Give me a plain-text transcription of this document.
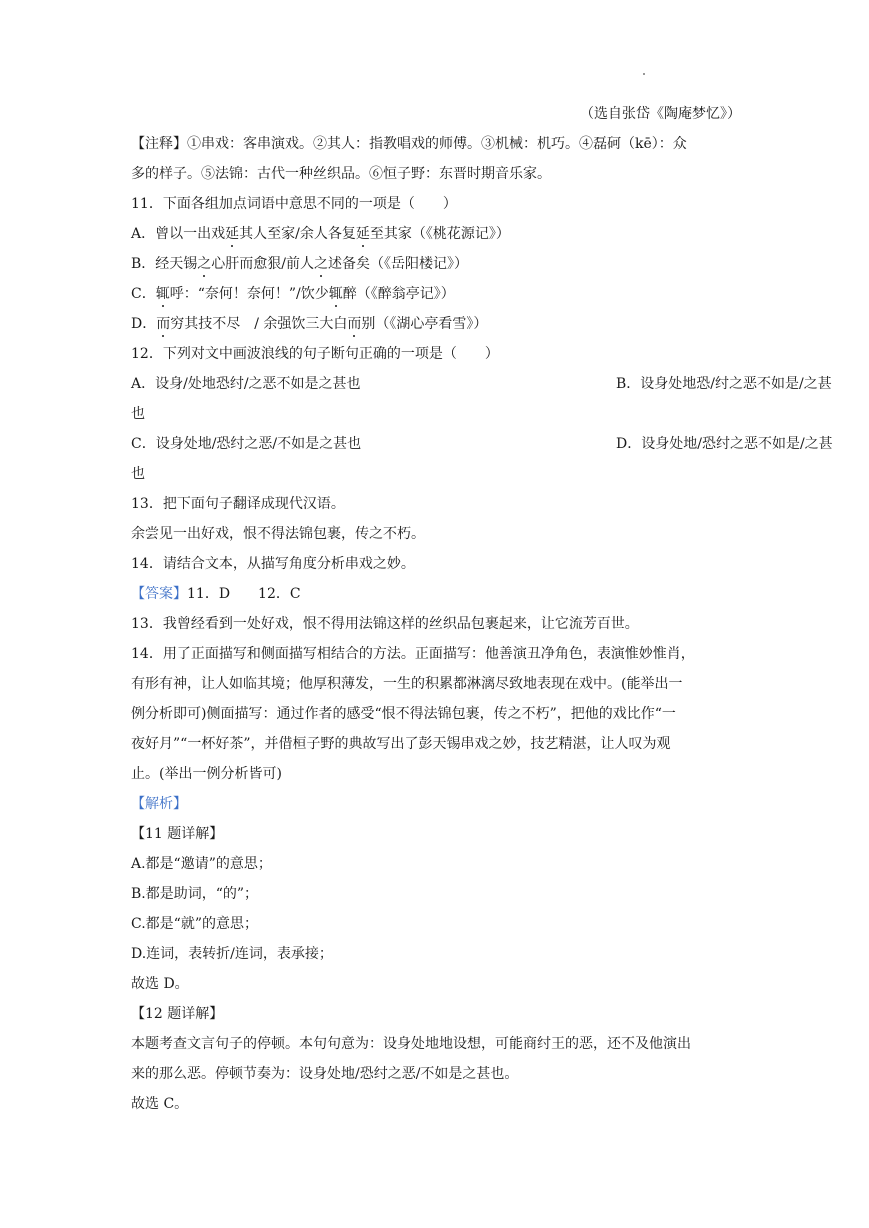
（选自张岱《陶庵梦忆》）
【注释】①串戏：客串演戏。②其人：指教唱戏的师傅。③机械：机巧。④磊砢（kē）：众
多的样子。⑤法锦：古代一种丝织品。⑥恒子野：东晋时期音乐家。
11．下面各组加点词语中意思不同的一项是（　　）
A．曾以一出戏延其人至家/余人各复延至其家（《桃花源记》）
B．经天锡之心肝而愈狠/前人之述备矣（《岳阳楼记》）
C．辄呼：“奈何！奈何！”/饮少辄醉（《醉翁亭记》）
D．而穷其技不尽　/ 余强饮三大白而别（《湖心亭看雪》）
12．下列对文中画波浪线的句子断句正确的一项是（　　）
A．设身/处地恐纣/之恶不如是之甚也	B．设身处地恐/纣之恶不如是/之甚
也
C．设身处地/恐纣之恶/不如是之甚也	D．设身处地/恐纣之恶不如是/之甚
也
13．把下面句子翻译成现代汉语。
余尝见一出好戏，恨不得法锦包裹，传之不朽。
14．请结合文本，从描写角度分析串戏之妙。
【答案】11．D　　12．C
13．我曾经看到一处好戏，恨不得用法锦这样的丝织品包裹起来，让它流芳百世。
14．用了正面描写和侧面描写相结合的方法。正面描写：他善演丑净角色，表演惟妙惟肖，
有形有神，让人如临其境；他厚积薄发，一生的积累都淋漓尽致地表现在戏中。(能举出一
例分析即可)侧面描写：通过作者的感受“恨不得法锦包裹，传之不朽”，把他的戏比作“一
夜好月”“一杯好茶”，并借桓子野的典故写出了彭天锡串戏之妙，技艺精湛，让人叹为观
止。(举出一例分析皆可)
【解析】
【11 题详解】
A.都是“邀请”的意思；
B.都是助词，“的”；
C.都是“就”的意思；
D.连词，表转折/连词，表承接；
故选 D。
【12 题详解】
本题考查文言句子的停顿。本句句意为：设身处地地设想，可能商纣王的恶，还不及他演出
来的那么恶。停顿节奏为：设身处地/恐纣之恶/不如是之甚也。
故选 C。
